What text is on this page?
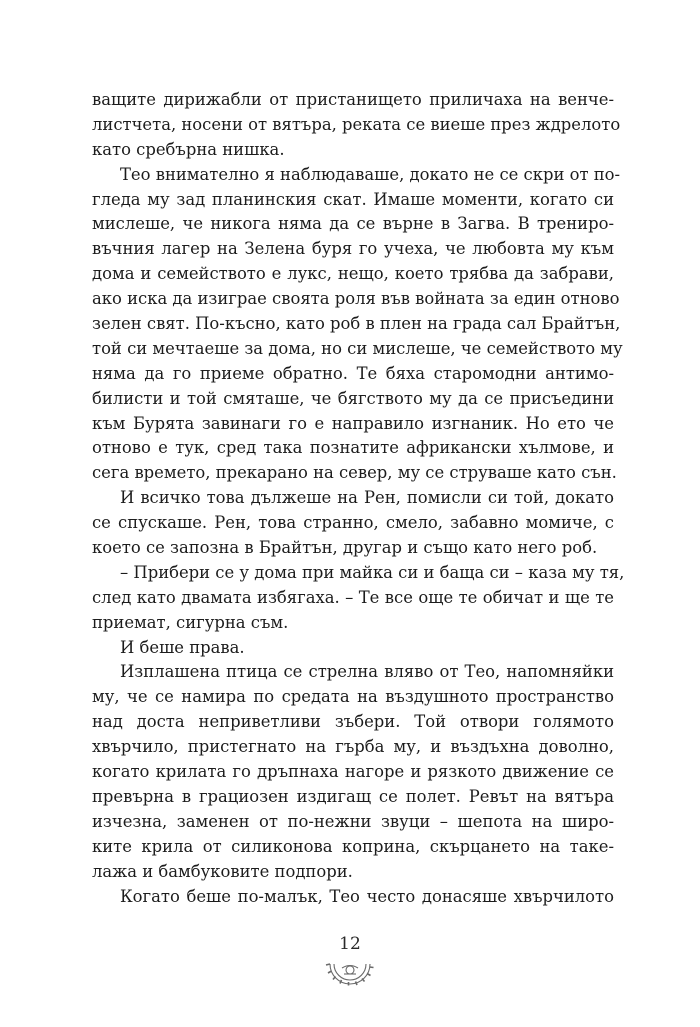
ващите дирижабли от пристанището приличаха на венче-
листчета, носени от вятъра, реката се виеше през ждрелото
като сребърна нишка.
Тео внимателно я наблюдаваше, докато не се скри от по-
гледа му зад планинския скат. Имаше моменти, когато си
мислеше, че никога няма да се върне в Загва. В трениро-
въчния лагер на Зелена буря го учеха, че любовта му към
дома и семейството е лукс, нещо, което трябва да забрави,
ако иска да изиграе своята роля във войната за един отново
зелен свят. По-късно, като роб в плен на града сал Брайтън,
той си мечтаеше за дома, но си мислеше, че семейството му
няма да го приеме обратно. Те бяха старомодни антимо-
билисти и той смяташе, че бягството му да се присъедини
към Бурята завинаги го е направило изгнаник. Но ето че
отново е тук, сред така познатите африкански хълмове, и
сега времето, прекарано на север, му се струваше като сън.
И всичко това дължеше на Рен, помисли си той, докато
се спускаше. Рен, това странно, смело, забавно момиче, с
което се запозна в Брайтън, другар и също като него роб.
– Прибери се у дома при майка си и баща си – каза му тя,
след като двамата избягаха. – Те все още те обичат и ще те
приемат, сигурна съм.
И беше права.
Изплашена птица се стрелна вляво от Тео, напомняйки
му, че се намира по средата на въздушното пространство
над доста неприветливи зъбери. Той отвори голямото
хвърчило, пристегнато на гърба му, и въздъхна доволно,
когато крилата го дръпнаха нагоре и рязкото движение се
превърна в грациозен издигащ се полет. Ревът на вятъра
изчезна, заменен от по-нежни звуци – шепота на широ-
ките крила от силиконова коприна, скърцането на таке-
лажа и бамбуковите подпори.
Когато беше по-малък, Тео често донасяше хвърчилото
12
